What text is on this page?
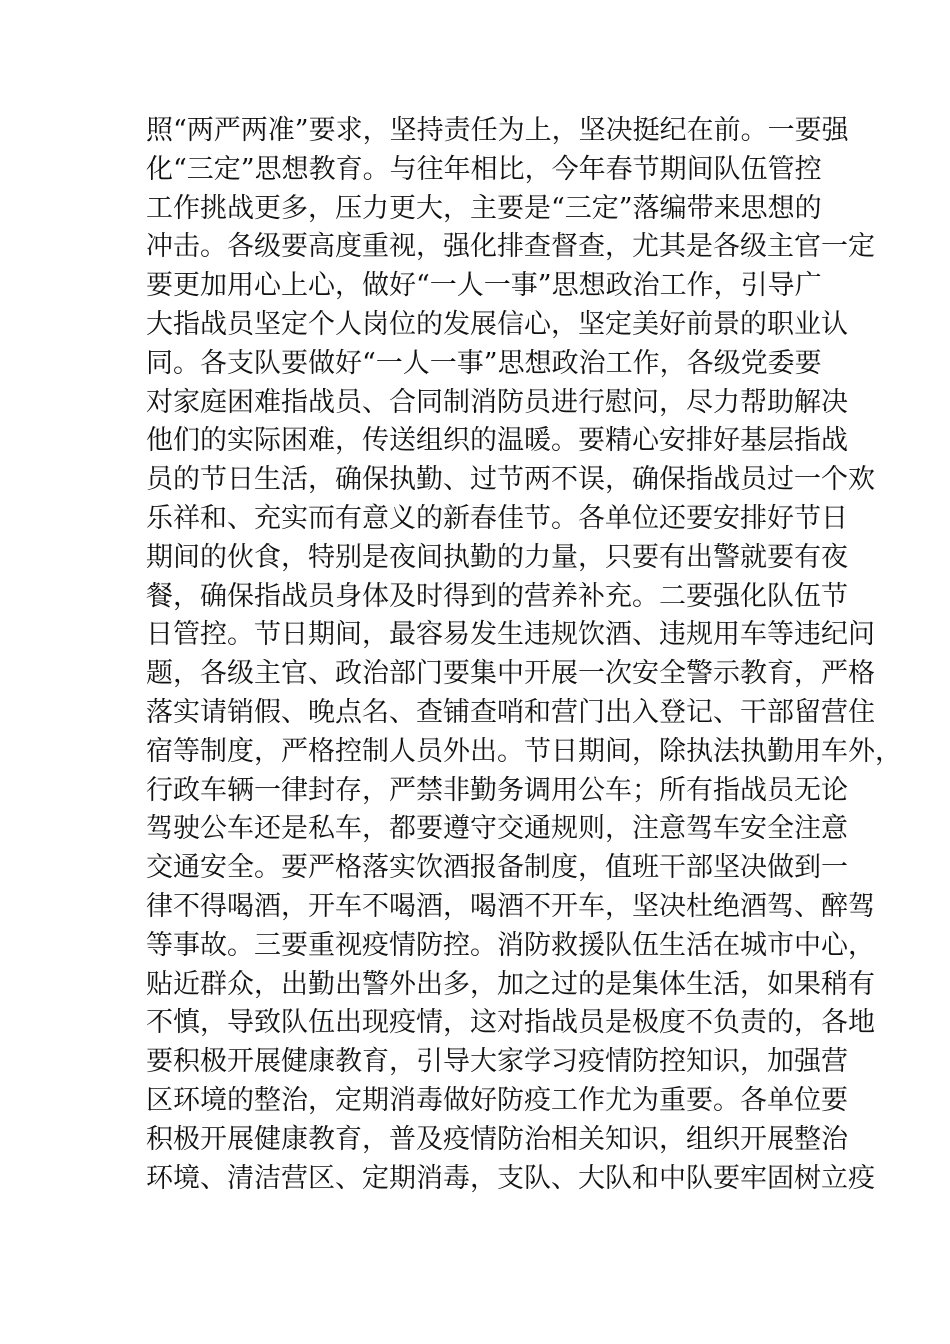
照“两严两准”要求，坚持责任为上，坚决挺纪在前。一要强
化“三定”思想教育。与往年相比，今年春节期间队伍管控
工作挑战更多，压力更大，主要是“三定”落编带来思想的
冲击。各级要高度重视，强化排查督查，尤其是各级主官一定
要更加用心上心，做好“一人一事”思想政治工作，引导广
大指战员坚定个人岗位的发展信心，坚定美好前景的职业认
同。各支队要做好“一人一事”思想政治工作，各级党委要
对家庭困难指战员、合同制消防员进行慰问，尽力帮助解决
他们的实际困难，传送组织的温暖。要精心安排好基层指战
员的节日生活，确保执勤、过节两不误，确保指战员过一个欢
乐祥和、充实而有意义的新春佳节。各单位还要安排好节日
期间的伙食，特别是夜间执勤的力量，只要有出警就要有夜
餐，确保指战员身体及时得到的营养补充。二要强化队伍节
日管控。节日期间，最容易发生违规饮酒、违规用车等违纪问
题，各级主官、政治部门要集中开展一次安全警示教育，严格
落实请销假、晚点名、查铺查哨和营门出入登记、干部留营住
宿等制度，严格控制人员外出。节日期间，除执法执勤用车外，
行政车辆一律封存，严禁非勤务调用公车；所有指战员无论
驾驶公车还是私车，都要遵守交通规则，注意驾车安全注意
交通安全。要严格落实饮酒报备制度，值班干部坚决做到一
律不得喝酒，开车不喝酒，喝酒不开车，坚决杜绝酒驾、醉驾
等事故。三要重视疫情防控。消防救援队伍生活在城市中心，
贴近群众，出勤出警外出多，加之过的是集体生活，如果稍有
不慎，导致队伍出现疫情，这对指战员是极度不负责的，各地
要积极开展健康教育，引导大家学习疫情防控知识，加强营
区环境的整治，定期消毒做好防疫工作尤为重要。各单位要
积极开展健康教育，普及疫情防治相关知识，组织开展整治
环境、清洁营区、定期消毒，支队、大队和中队要牢固树立疫
